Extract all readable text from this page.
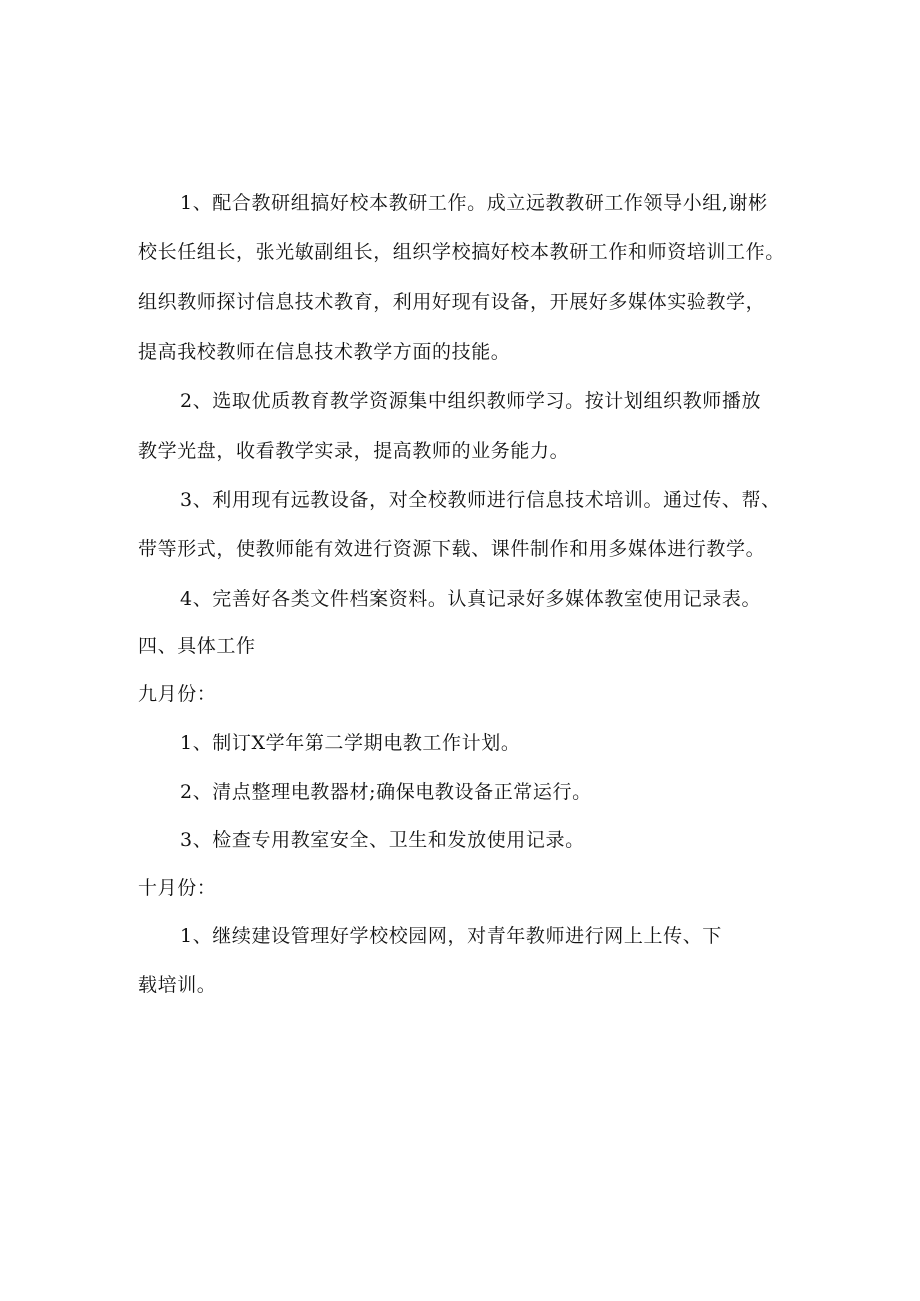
1、配合教研组搞好校本教研工作。成立远教教研工作领导小组,谢彬
校长任组长，张光敏副组长，组织学校搞好校本教研工作和师资培训工作。
组织教师探讨信息技术教育，利用好现有设备，开展好多媒体实验教学，
提高我校教师在信息技术教学方面的技能。
2、选取优质教育教学资源集中组织教师学习。按计划组织教师播放
教学光盘，收看教学实录，提高教师的业务能力。
3、利用现有远教设备，对全校教师进行信息技术培训。通过传、帮、
带等形式，使教师能有效进行资源下载、课件制作和用多媒体进行教学。
4、完善好各类文件档案资料。认真记录好多媒体教室使用记录表。
四、具体工作
九月份：
1、制订X学年第二学期电教工作计划。
2、清点整理电教器材;确保电教设备正常运行。
3、检查专用教室安全、卫生和发放使用记录。
十月份：
1、继续建设管理好学校校园网，对青年教师进行网上上传、下
载培训。
